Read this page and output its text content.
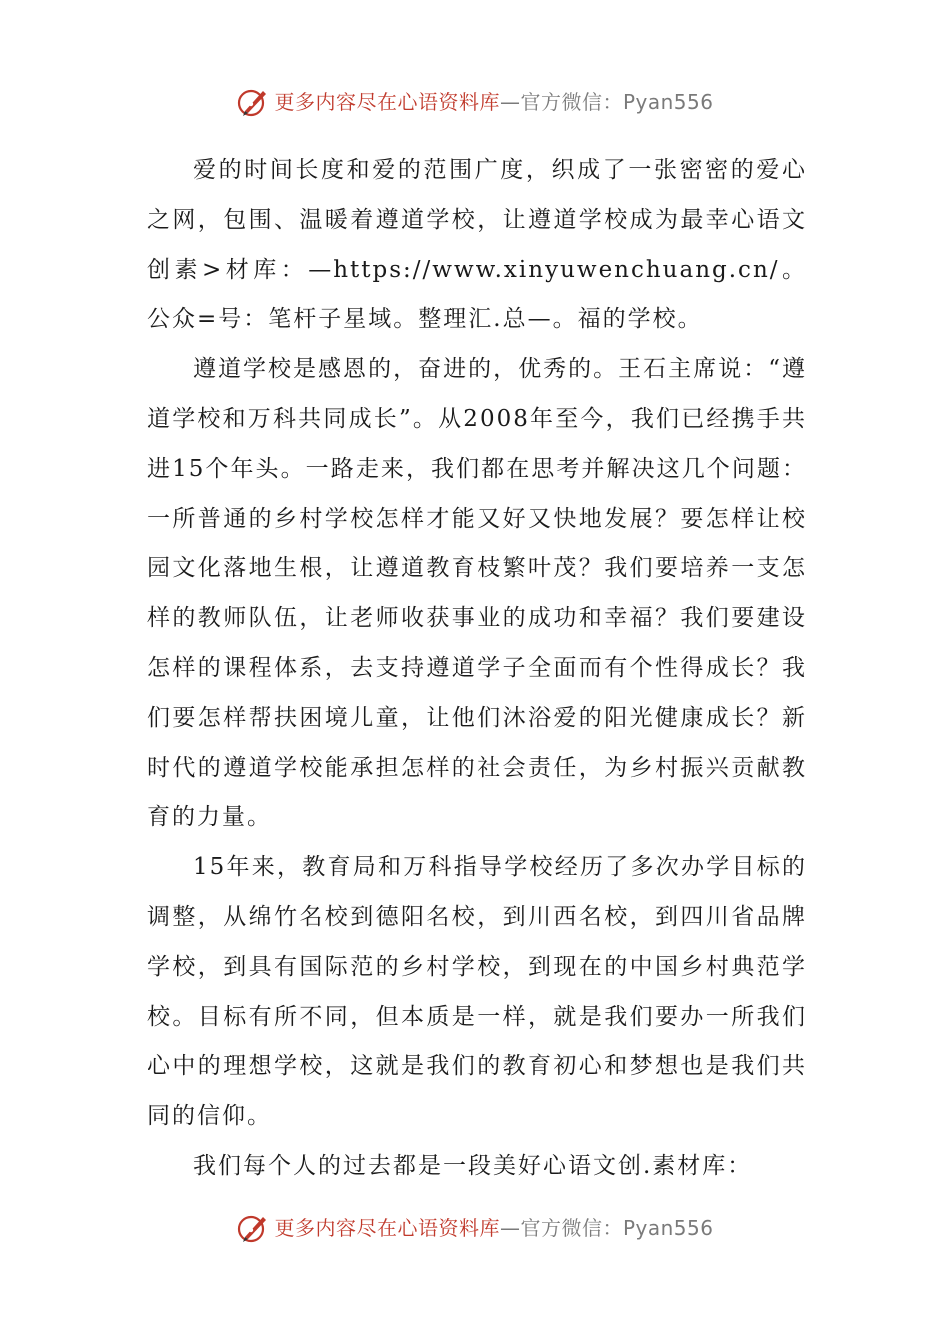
更多内容尽在心语资料库—官方微信：Pyan556

爱的时间长度和爱的范围广度，织成了一张密密的爱心之网，包围、温暖着遵道学校，让遵道学校成为最幸心语文创素>材库：—https://www.xinyuwenchuang.cn/。公众=号：笔杆子星域。整理汇.总—。福的学校。

遵道学校是感恩的，奋进的，优秀的。王石主席说：“遵道学校和万科共同成长”。从2008年至今，我们已经携手共进15个年头。一路走来，我们都在思考并解决这几个问题：一所普通的乡村学校怎样才能又好又快地发展？要怎样让校园文化落地生根，让遵道教育枝繁叶茂？我们要培养一支怎样的教师队伍，让老师收获事业的成功和幸福？我们要建设怎样的课程体系，去支持遵道学子全面而有个性得成长？我们要怎样帮扶困境儿童，让他们沐浴爱的阳光健康成长？新时代的遵道学校能承担怎样的社会责任，为乡村振兴贡献教育的力量。

15年来，教育局和万科指导学校经历了多次办学目标的调整，从绵竹名校到德阳名校，到川西名校，到四川省品牌学校，到具有国际范的乡村学校，到现在的中国乡村典范学校。目标有所不同，但本质是一样，就是我们要办一所我们心中的理想学校，这就是我们的教育初心和梦想也是我们共同的信仰。

我们每个人的过去都是一段美好心语文创.素材库：

更多内容尽在心语资料库—官方微信：Pyan556
